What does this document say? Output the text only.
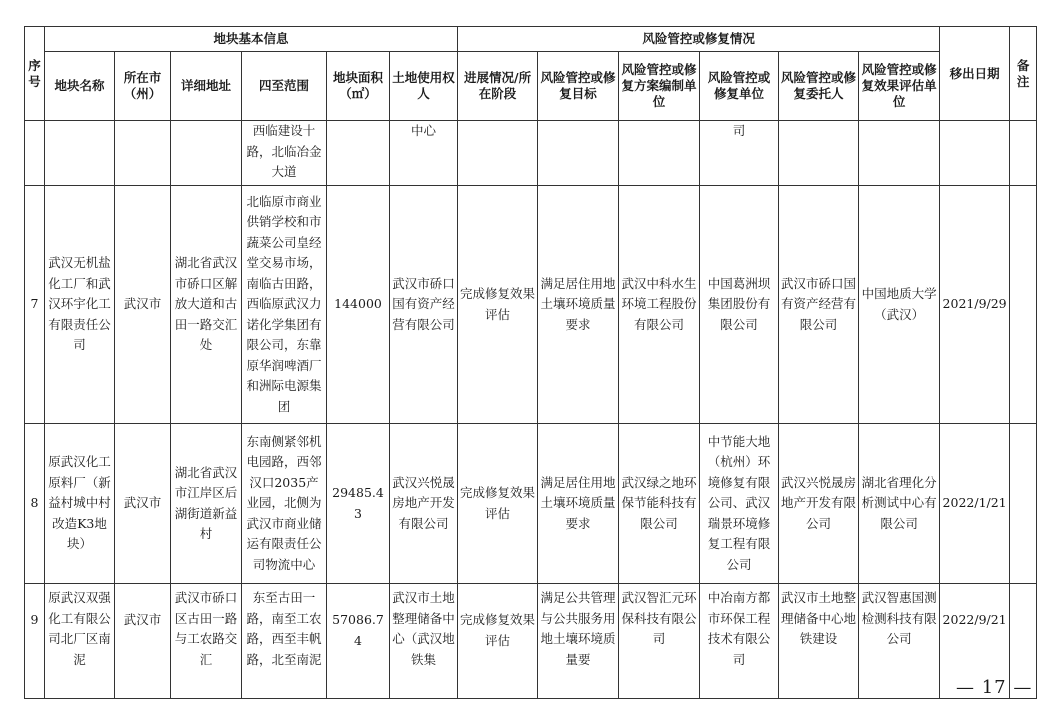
序号	地块基本信息						风险管控或修复情况						移出日期	备注
	地块名称	所在市（州）	详细地址	四至范围	地块面积（㎡）	土地使用权人	进展情况/所在阶段	风险管控或修复目标	风险管控或修复方案编制单位	风险管控或修复单位	风险管控或修复委托人	风险管控或修复效果评估单位		
				西临建设十路，北临冶金大道		中心				司				
7	武汉无机盐化工厂和武汉环宇化工有限责任公司	武汉市	湖北省武汉市硚口区解放大道和古田一路交汇处	北临原市商业供销学校和市蔬菜公司皇经堂交易市场，南临古田路，西临原武汉力诺化学集团有限公司，东靠原华润啤酒厂和洲际电源集团	144000	武汉市硚口国有资产经营有限公司	完成修复效果评估	满足居住用地土壤环境质量要求	武汉中科水生环境工程股份有限公司	中国葛洲坝集团股份有限公司	武汉市硚口国有资产经营有限公司	中国地质大学（武汉）	2021/9/29	
8	原武汉化工原料厂（新益村城中村改造K3地块）	武汉市	湖北省武汉市江岸区后湖街道新益村	东南侧紧邻机电园路，西邻汉口2035产业园，北侧为武汉市商业储运有限责任公司物流中心	29485.43	武汉兴悦晟房地产开发有限公司	完成修复效果评估	满足居住用地土壤环境质量要求	武汉绿之地环保节能科技有限公司	中节能大地（杭州）环境修复有限公司、武汉瑞景环境修复工程有限公司	武汉兴悦晟房地产开发有限公司	湖北省理化分析测试中心有限公司	2022/1/21	
9	原武汉双强化工有限公司北厂区南泥	武汉市	武汉市硚口区古田一路与工农路交汇	东至古田一路，南至工农路，西至丰帆路，北至南泥	57086.74	武汉市土地整理储备中心（武汉地铁集	完成修复效果评估	满足公共管理与公共服务用地土壤环境质量要	武汉智汇元环保科技有限公司	中冶南方都市环保工程技术有限公司	武汉市土地整理储备中心地铁建设	武汉智惠国测检测科技有限公司	2022/9/21	
— 17 —
